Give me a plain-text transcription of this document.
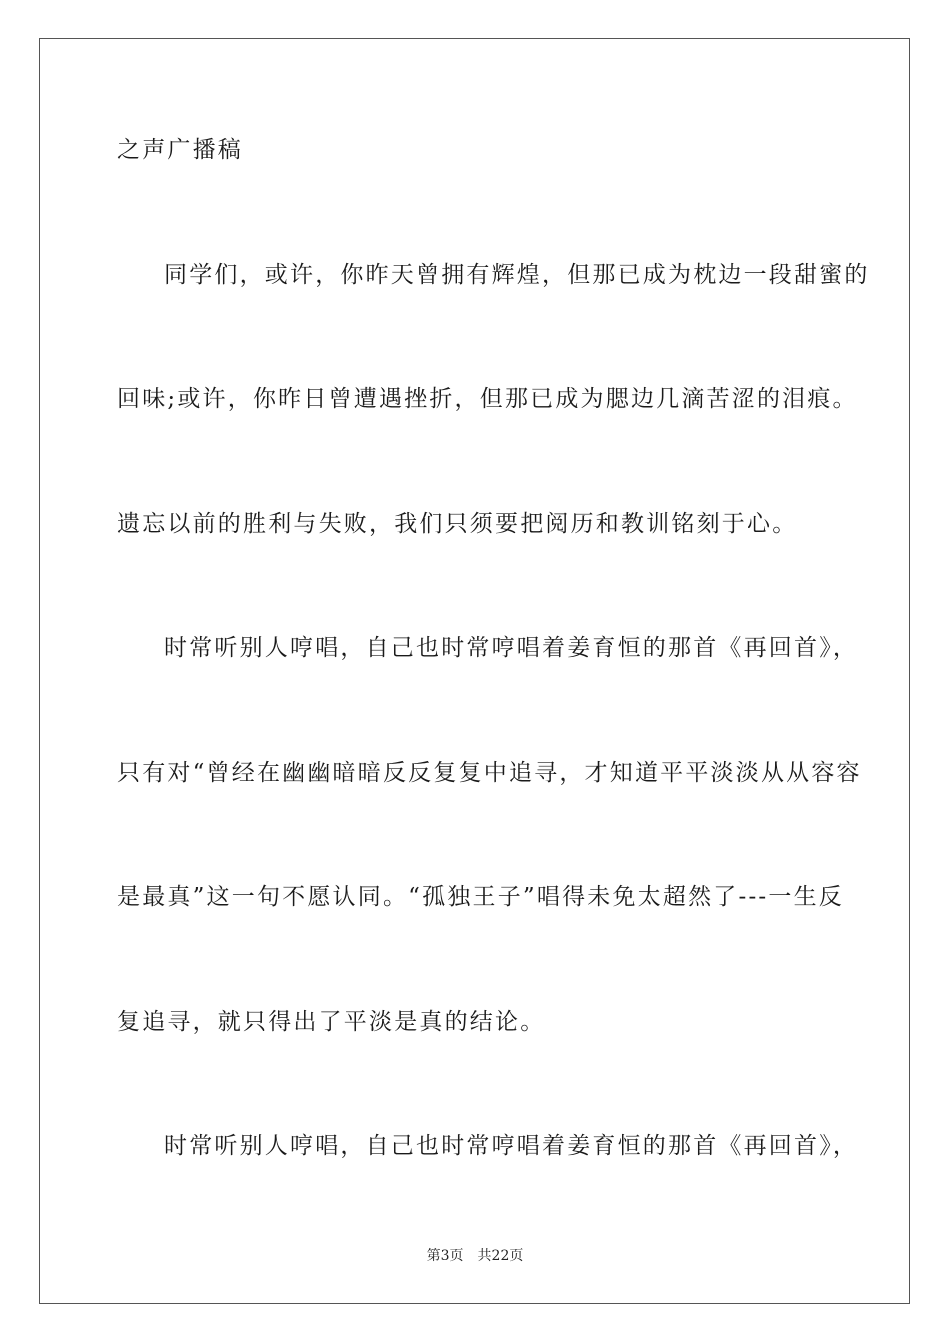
之声广播稿
同学们，或许，你昨天曾拥有辉煌，但那已成为枕边一段甜蜜的
回味;或许，你昨日曾遭遇挫折，但那已成为腮边几滴苦涩的泪痕。
遗忘以前的胜利与失败，我们只须要把阅历和教训铭刻于心。
时常听别人哼唱，自己也时常哼唱着姜育恒的那首《再回首》，
只有对“曾经在幽幽暗暗反反复复中追寻，才知道平平淡淡从从容容
是最真”这一句不愿认同。“孤独王子”唱得未免太超然了---一生反
复追寻，就只得出了平淡是真的结论。
时常听别人哼唱，自己也时常哼唱着姜育恒的那首《再回首》，
第3页 共22页
